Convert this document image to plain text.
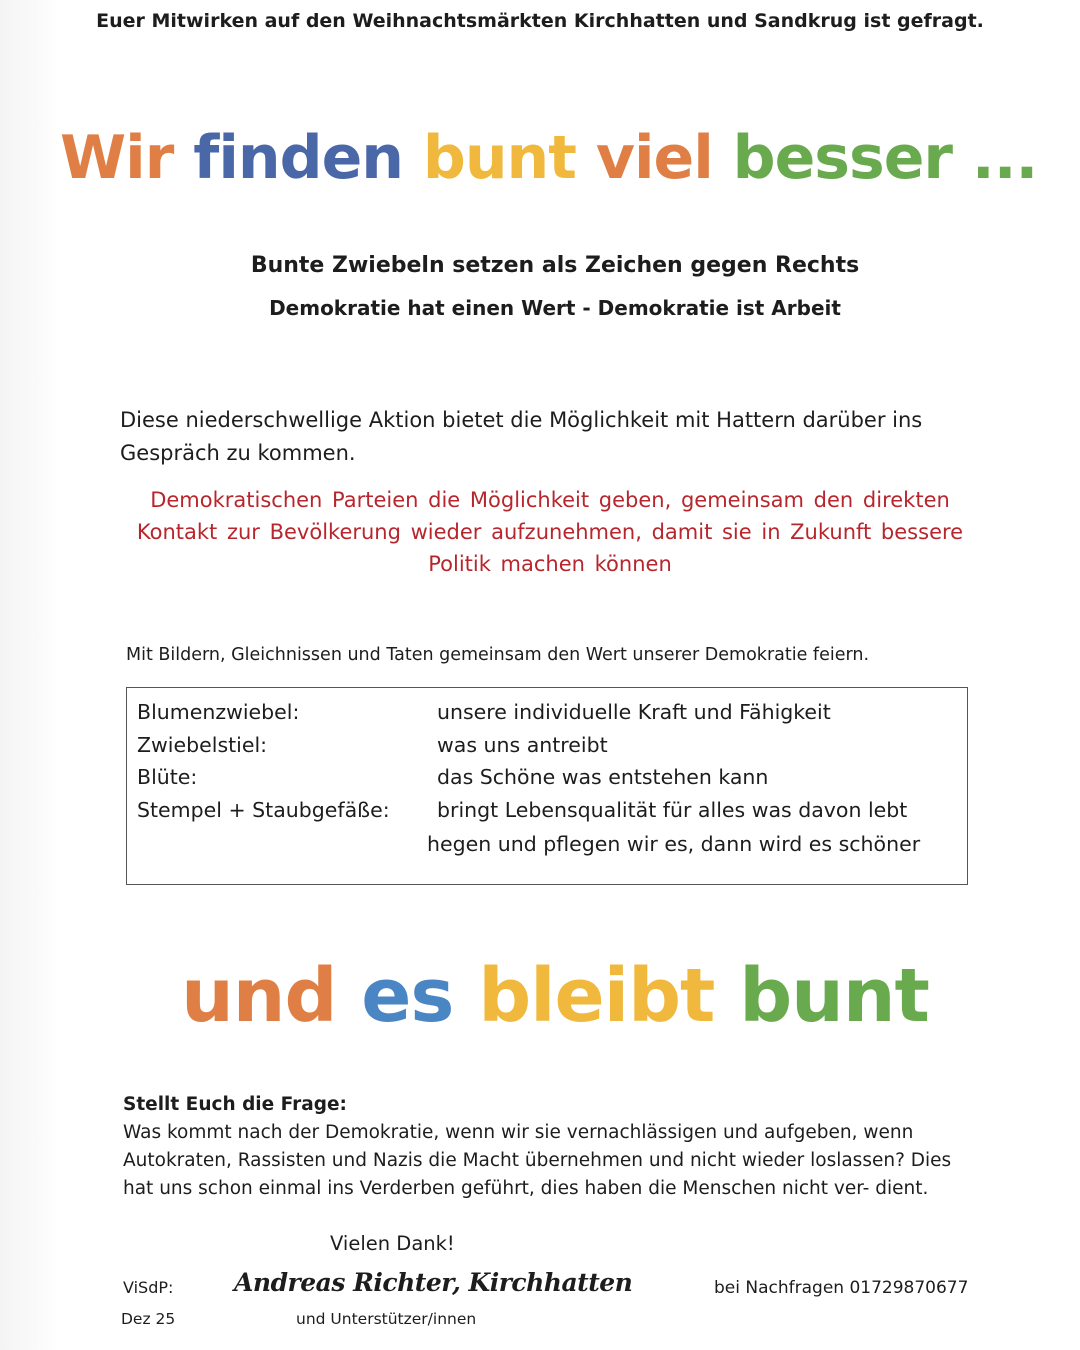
Euer Mitwirken auf den Weihnachtsmärkten Kirchhatten und Sandkrug ist gefragt.
Wir finden bunt viel besser ...
Bunte Zwiebeln setzen als Zeichen gegen Rechts
Demokratie hat einen Wert - Demokratie ist Arbeit
Diese niederschwellige Aktion bietet die Möglichkeit mit Hattern darüber ins Gespräch zu kommen.
Demokratischen Parteien die Möglichkeit geben, gemeinsam den direkten Kontakt zur Bevölkerung wieder aufzunehmen, damit sie in Zukunft bessere Politik machen können
Mit Bildern, Gleichnissen und Taten gemeinsam den Wert unserer Demokratie feiern.
Blumenzwiebel:	unsere individuelle Kraft und Fähigkeit
Zwiebelstiel:	was uns antreibt
Blüte:	das Schöne was entstehen kann
Stempel + Staubgefäße:	bringt Lebensqualität für alles was davon lebt
hegen und pflegen wir es, dann wird es schöner
und es bleibt bunt
Stellt Euch die Frage:
Was kommt nach der Demokratie, wenn wir sie vernachlässigen und aufgeben, wenn Autokraten, Rassisten und Nazis die Macht übernehmen und nicht wieder loslassen? Dies hat uns schon einmal ins Verderben geführt, dies haben die Menschen nicht ver- dient.
Vielen Dank!
ViSdP: Andreas Richter, Kirchhatten	bei Nachfragen 01729870677
Dez 25	und Unterstützer/innen
